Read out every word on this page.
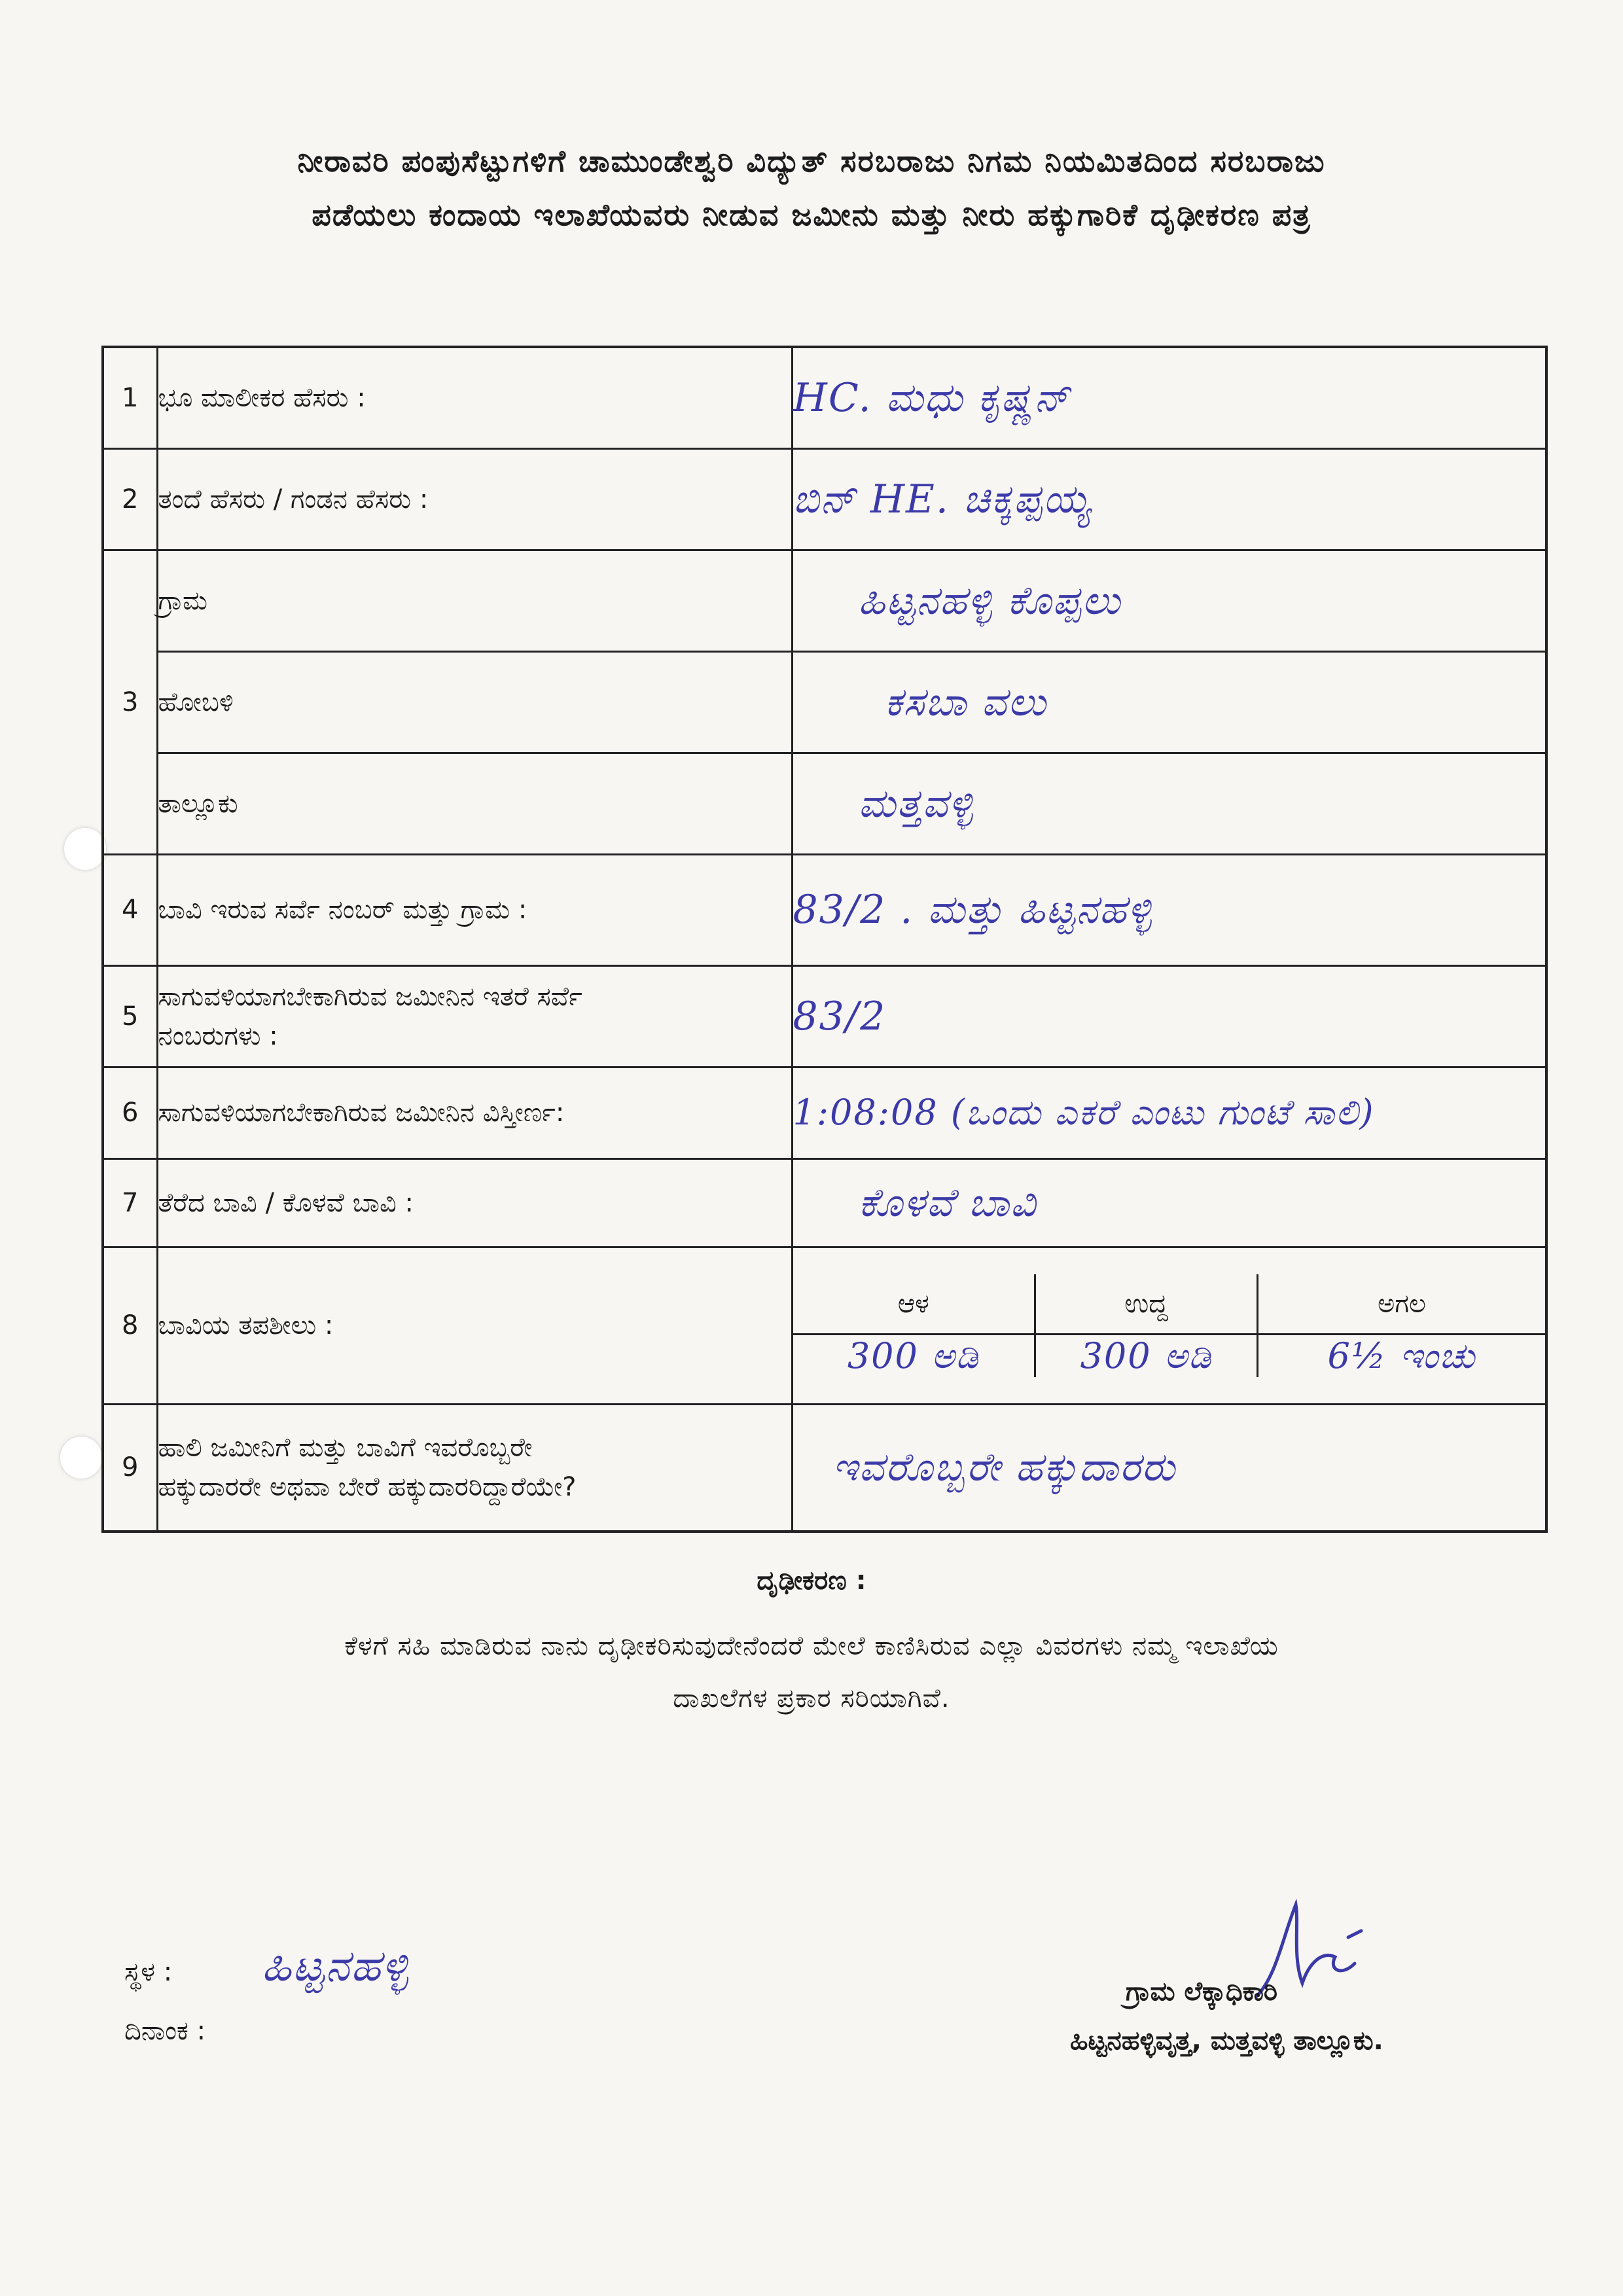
ನೀರಾವರಿ ಪಂಪುಸೆಟ್ಟುಗಳಿಗೆ ಚಾಮುಂಡೇಶ್ವರಿ ವಿದ್ಯುತ್ ಸರಬರಾಜು ನಿಗಮ ನಿಯಮಿತದಿಂದ ಸರಬರಾಜು
ಪಡೆಯಲು ಕಂದಾಯ ಇಲಾಖೆಯವರು ನೀಡುವ ಜಮೀನು ಮತ್ತು ನೀರು ಹಕ್ಕುಗಾರಿಕೆ ದೃಢೀಕರಣ ಪತ್ರ
1	ಭೂ ಮಾಲೀಕರ ಹೆಸರು :	HC. ಮಧು ಕೃಷ್ಣನ್
2	ತಂದೆ ಹೆಸರು / ಗಂಡನ ಹೆಸರು :	ಬಿನ್ HE. ಚಿಕ್ಕಪ್ಪಯ್ಯ
3	ಗ್ರಾಮ	ಹಿಟ್ಟನಹಳ್ಳಿ ಕೊಪ್ಪಲು
ಹೋಬಳಿ	ಕಸಬಾ ವಲು
ತಾಲ್ಲೂಕು	ಮತ್ತವಳ್ಳಿ
4	ಬಾವಿ ಇರುವ ಸರ್ವೆ ನಂಬರ್ ಮತ್ತು ಗ್ರಾಮ :	83/2 . ಮತ್ತು ಹಿಟ್ಟನಹಳ್ಳಿ
5	
ಸಾಗುವಳಿಯಾಗಬೇಕಾಗಿರುವ ಜಮೀನಿನ ಇತರೆ ಸರ್ವೆ
ನಂಬರುಗಳು :	83/2
6	ಸಾಗುವಳಿಯಾಗಬೇಕಾಗಿರುವ ಜಮೀನಿನ ವಿಸ್ತೀರ್ಣ:	1:08:08 (ಒಂದು ಎಕರೆ ಎಂಟು ಗುಂಟೆ ಸಾಲಿ)
7	ತೆರೆದ ಬಾವಿ / ಕೊಳವೆ ಬಾವಿ :	ಕೊಳವೆ ಬಾವಿ
8	ಬಾವಿಯ ತಪಶೀಲು :	
ಆಳ	ಉದ್ದ	ಅಗಲ
300 ಅಡಿ	300 ಅಡಿ	6½ ಇಂಚು

9	
ಹಾಲಿ ಜಮೀನಿಗೆ ಮತ್ತು ಬಾವಿಗೆ ಇವರೊಬ್ಬರೇ
ಹಕ್ಕುದಾರರೇ ಅಥವಾ ಬೇರೆ ಹಕ್ಕುದಾರರಿದ್ದಾರೆಯೇ?	ಇವರೊಬ್ಬರೇ ಹಕ್ಕುದಾರರು
ದೃಢೀಕರಣ :
ಕೆಳಗೆ ಸಹಿ ಮಾಡಿರುವ ನಾನು ದೃಢೀಕರಿಸುವುದೇನೆಂದರೆ ಮೇಲೆ ಕಾಣಿಸಿರುವ ಎಲ್ಲಾ ವಿವರಗಳು ನಮ್ಮ ಇಲಾಖೆಯ
ದಾಖಲೆಗಳ ಪ್ರಕಾರ ಸರಿಯಾಗಿವೆ.
ಸ್ಥಳ : ಹಿಟ್ಟನಹಳ್ಳಿ
ದಿನಾಂಕ :
ಗ್ರಾಮ ಲೆಕ್ಕಾಧಿಕಾರಿ
ಹಿಟ್ಟನಹಳ್ಳಿವೃತ್ತ, ಮತ್ತವಳ್ಳಿ ತಾಲ್ಲೂಕು.
